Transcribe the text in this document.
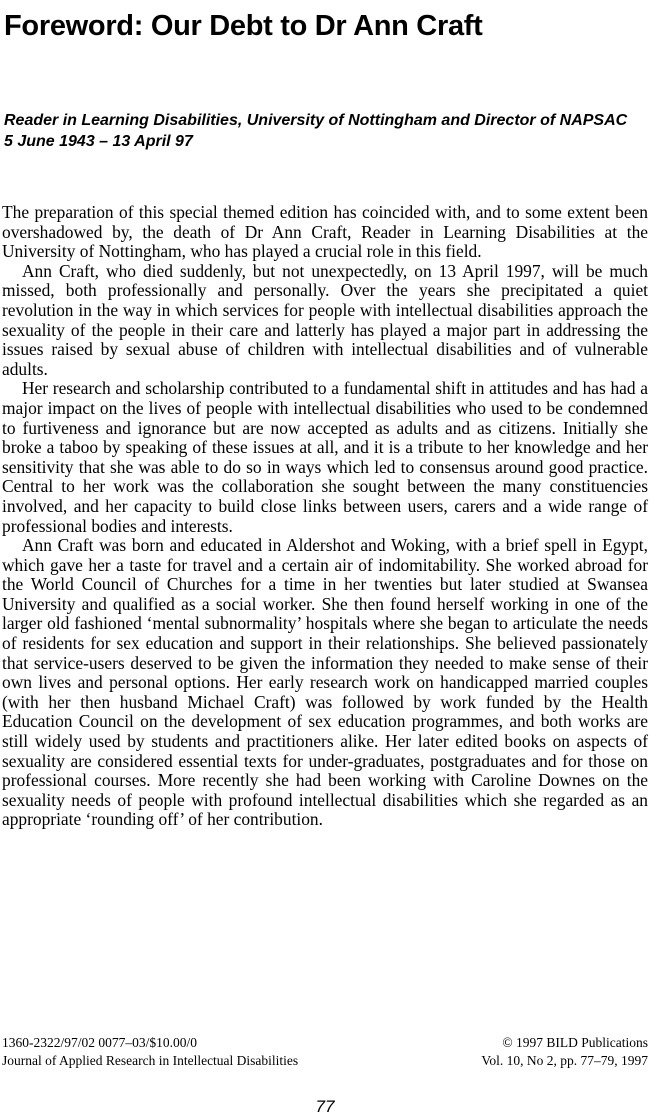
Foreword: Our Debt to Dr Ann Craft

Reader in Learning Disabilities, University of Nottingham and Director of NAPSAC 5 June 1943 – 13 April 97

The preparation of this special themed edition has coincided with, and to some extent been overshadowed by, the death of Dr Ann Craft, Reader in Learning Disabilities at the University of Nottingham, who has played a crucial role in this field.

Ann Craft, who died suddenly, but not unexpectedly, on 13 April 1997, will be much missed, both professionally and personally. Over the years she precipitated a quiet revolution in the way in which services for people with intellectual disabilities approach the sexuality of the people in their care and latterly has played a major part in addressing the issues raised by sexual abuse of children with intellectual disabilities and of vulnerable adults.

Her research and scholarship contributed to a fundamental shift in attitudes and has had a major impact on the lives of people with intellectual disabilities who used to be condemned to furtiveness and ignorance but are now accepted as adults and as citizens. Initially she broke a taboo by speaking of these issues at all, and it is a tribute to her knowledge and her sensitivity that she was able to do so in ways which led to consensus around good practice. Central to her work was the collaboration she sought between the many constituencies involved, and her capacity to build close links between users, carers and a wide range of professional bodies and interests.

Ann Craft was born and educated in Aldershot and Woking, with a brief spell in Egypt, which gave her a taste for travel and a certain air of indomitability. She worked abroad for the World Council of Churches for a time in her twenties but later studied at Swansea University and qualified as a social worker. She then found herself working in one of the larger old fashioned ‘mental subnormality’ hospitals where she began to articulate the needs of residents for sex education and support in their relationships. She believed passionately that service-users deserved to be given the information they needed to make sense of their own lives and personal options. Her early research work on handicapped married couples (with her then husband Michael Craft) was followed by work funded by the Health Education Council on the development of sex education programmes, and both works are still widely used by students and practitioners alike. Her later edited books on aspects of sexuality are considered essential texts for under-graduates, postgraduates and for those on professional courses. More recently she had been working with Caroline Downes on the sexuality needs of people with profound intellectual disabilities which she regarded as an appropriate ‘rounding off’ of her contribution.

1360-2322/97/02 0077–03/$10.00/0
Journal of Applied Research in Intellectual Disabilities
© 1997 BILD Publications
Vol. 10, No 2, pp. 77–79, 1997
77
